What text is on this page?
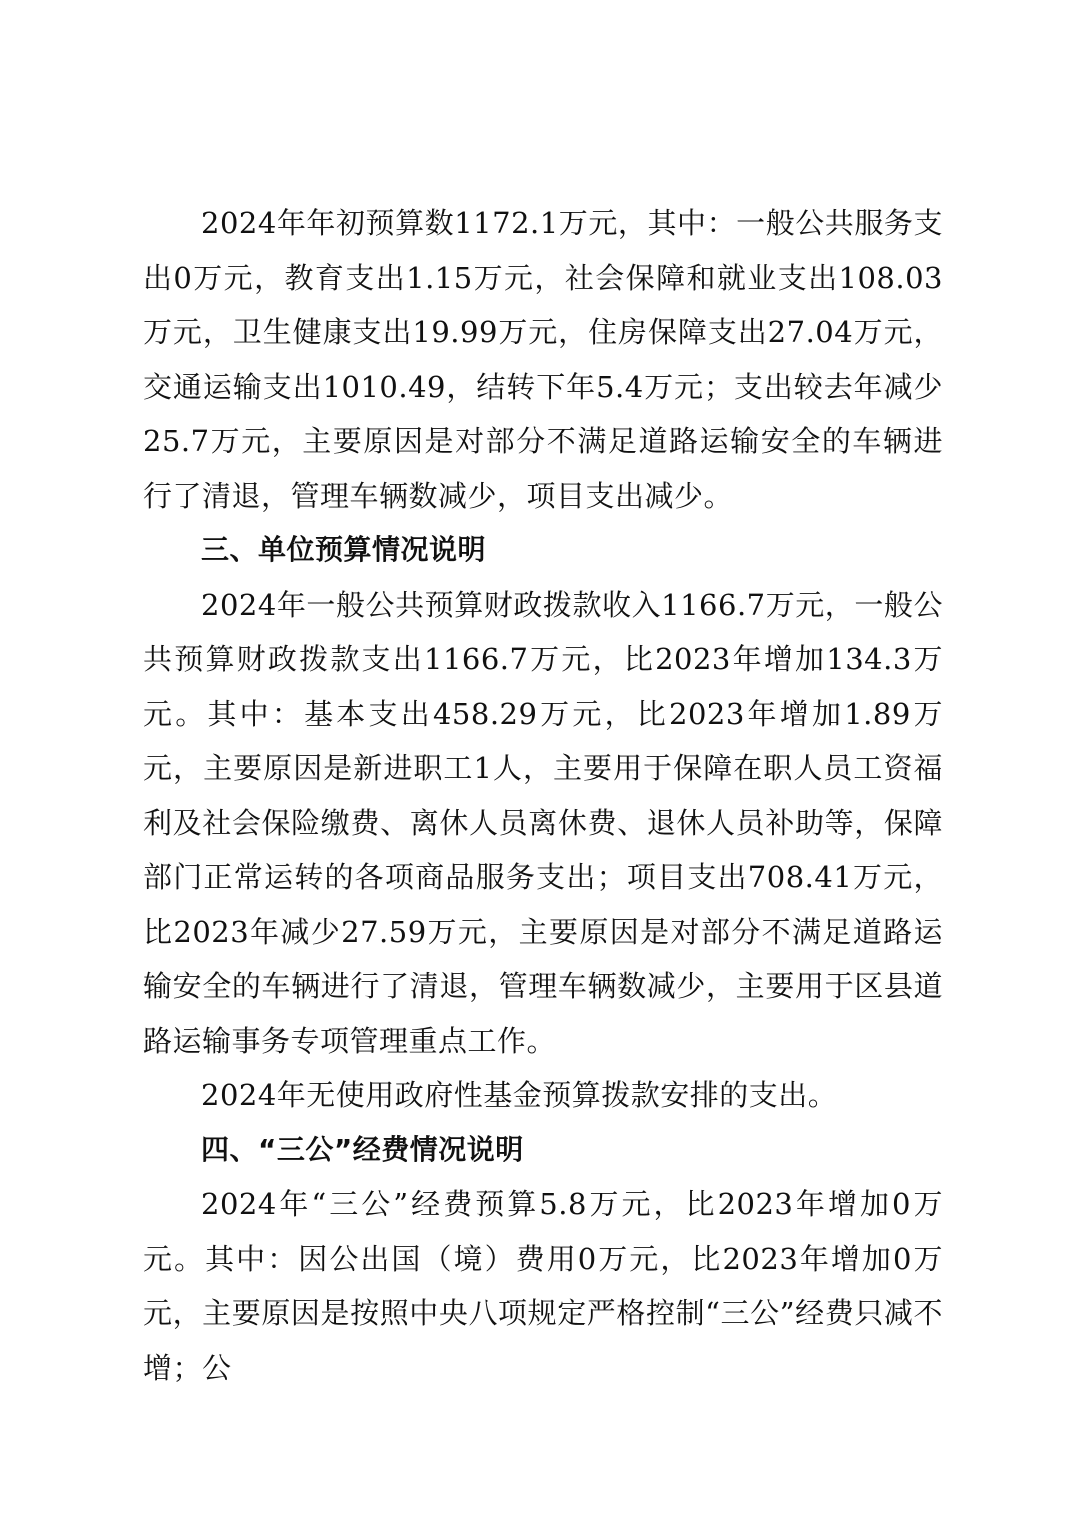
2024年年初预算数1172.1万元，其中：一般公共服务支出0万元，教育支出1.15万元，社会保障和就业支出108.03万元，卫生健康支出19.99万元，住房保障支出27.04万元，交通运输支出1010.49，结转下年5.4万元；支出较去年减少25.7万元，主要原因是对部分不满足道路运输安全的车辆进行了清退，管理车辆数减少，项目支出减少。

三、单位预算情况说明

2024年一般公共预算财政拨款收入1166.7万元，一般公共预算财政拨款支出1166.7万元，比2023年增加134.3万元。其中：基本支出458.29万元，比2023年增加1.89万元，主要原因是新进职工1人，主要用于保障在职人员工资福利及社会保险缴费、离休人员离休费、退休人员补助等，保障部门正常运转的各项商品服务支出；项目支出708.41万元，比2023年减少27.59万元，主要原因是对部分不满足道路运输安全的车辆进行了清退，管理车辆数减少，主要用于区县道路运输事务专项管理重点工作。

2024年无使用政府性基金预算拨款安排的支出。

四、“三公”经费情况说明

2024年“三公”经费预算5.8万元，比2023年增加0万元。其中：因公出国（境）费用0万元，比2023年增加0万元，主要原因是按照中央八项规定严格控制“三公”经费只减不增；公
